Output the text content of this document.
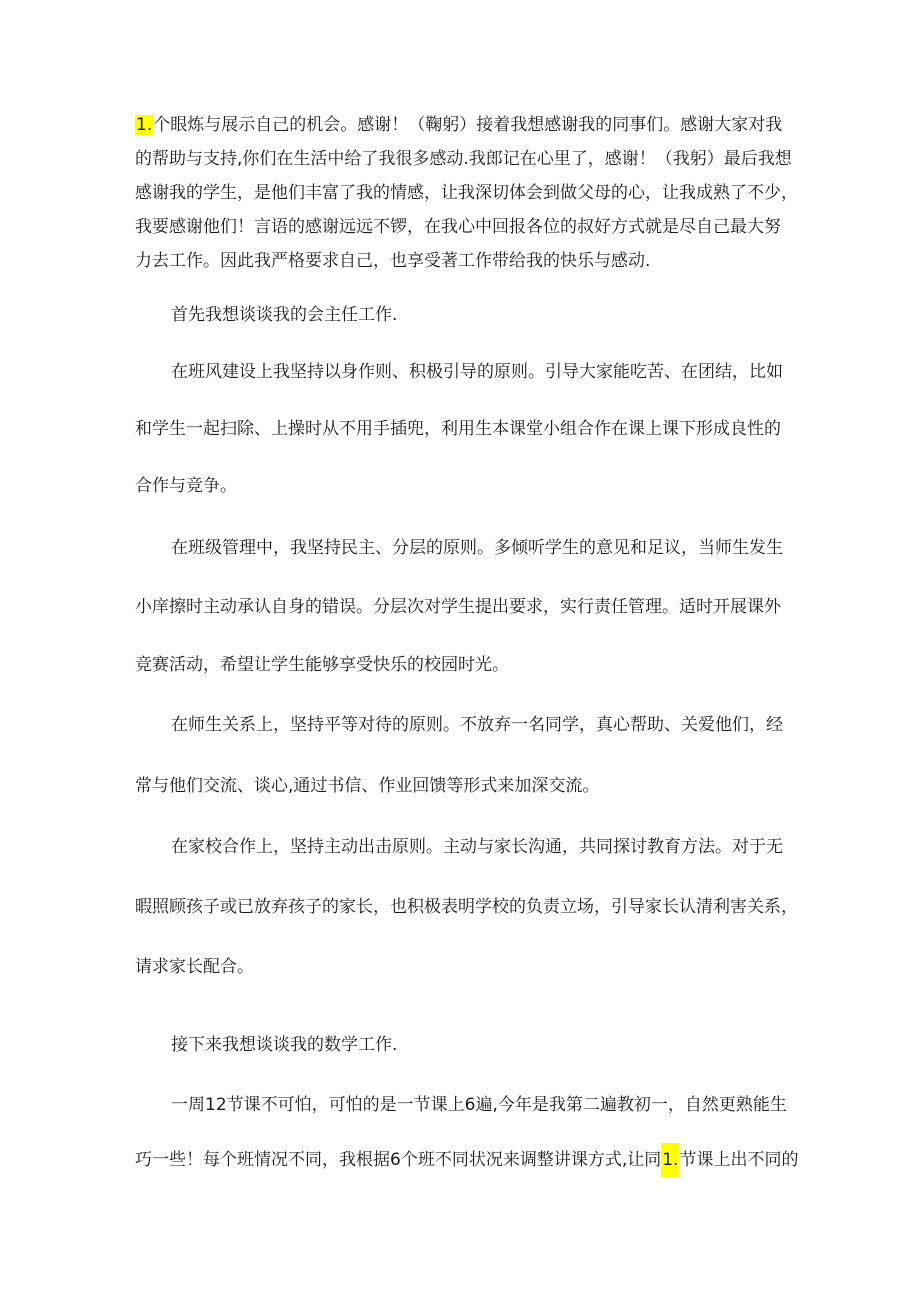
1.个眼炼与展示自己的机会。感谢！（鞠躬）接着我想感谢我的同事们。感谢大家对我
的帮助与支持,你们在生活中给了我很多感动.我郎记在心里了，感谢！（我躬）最后我想
感谢我的学生，是他们丰富了我的情感，让我深切体会到做父母的心，让我成熟了不少，
我要感谢他们！言语的感谢远远不锣，在我心中回报各位的叔好方式就是尽自己最大努
力去工作。因此我严格要求自己，也享受著工作带给我的快乐与感动.
首先我想谈谈我的会主任工作.
在班风建设上我坚持以身作则、积极引导的原则。引导大家能吃苦、在团结，比如
和学生一起扫除、上操时从不用手插兜，利用生本课堂小组合作在课上课下形成良性的
合作与竞争。
在班级管理中，我坚持民主、分层的原则。多倾听学生的意见和足议，当师生发生
小庠擦时主动承认自身的错误。分层次对学生提出要求，实行责任管理。适时开展课外
竞赛活动，希望让学生能够享受快乐的校园时光。
在师生关系上，坚持平等对待的原则。不放弃一名同学，真心帮助、关爱他们，经
常与他们交流、谈心,通过书信、作业回馈等形式来加深交流。
在家校合作上，坚持主动出击原则。主动与家长沟通，共同探讨教育方法。对于无
暇照顾孩子或已放弃孩子的家长，也积极表明学校的负责立场，引导家长认清利害关系，
请求家长配合。
接下来我想谈谈我的数学工作.
一周12节课不可怕，可怕的是一节课上6遍,今年是我第二遍教初一，自然更熟能生
巧一些！每个班情况不同，我根据6个班不同状况来调整讲课方式,让同1.节课上出不同的
